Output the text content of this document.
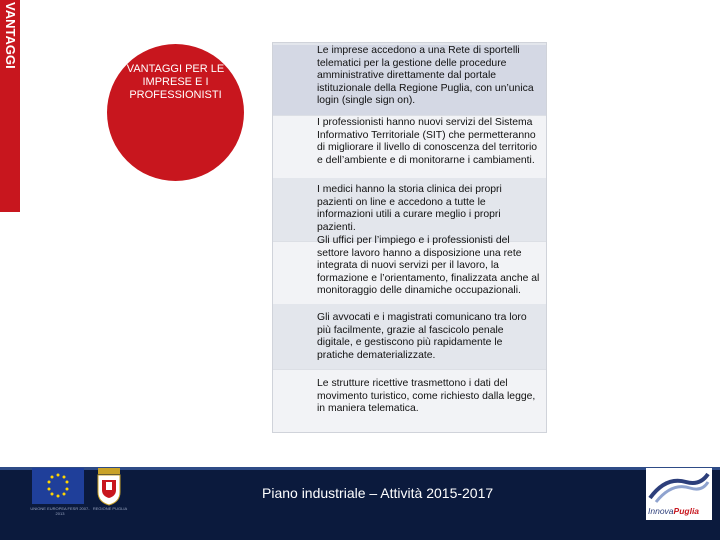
VANTAGGI
VANTAGGI PER LE IMPRESE E I PROFESSIONISTI
Le imprese accedono a una Rete di sportelli telematici per la gestione delle procedure amministrative direttamente dal portale istituzionale della Regione Puglia, con un’unica login (single sign on).
I professionisti hanno nuovi servizi del Sistema Informativo Territoriale (SIT) che permetteranno di migliorare il livello di conoscenza del territorio e dell’ambiente e di monitorarne i cambiamenti.
I medici hanno la storia clinica dei propri pazienti on line e accedono a tutte le informazioni utili a curare meglio i propri pazienti.
Gli uffici per l’impiego e i professionisti del settore lavoro hanno a disposizione una rete integrata di nuovi servizi per il lavoro, la formazione e l’orientamento, finalizzata anche al monitoraggio delle dinamiche occupazionali.
Gli avvocati e i magistrati comunicano tra loro più facilmente, grazie al fascicolo penale digitale, e gestiscono più rapidamente le pratiche dematerializzate.
Le strutture ricettive trasmettono i dati del movimento turistico, come richiesto dalla legge, in maniera telematica.
Piano industriale – Attività 2015-2017
UNIONE EUROPEA FESR 2007-2013
REGIONE PUGLIA	InnovaPuglia
